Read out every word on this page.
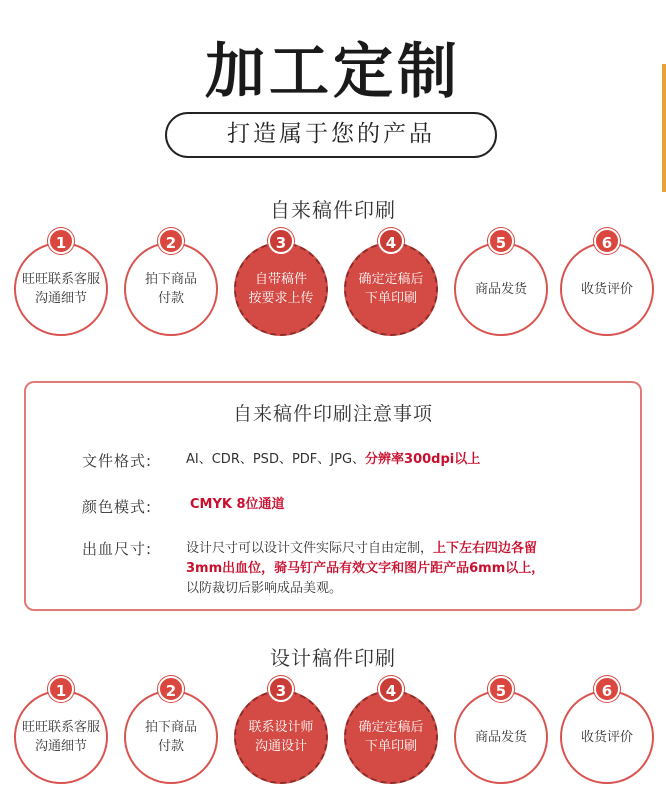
加工定制
打造属于您的产品
自来稿件印刷
旺旺联系客服
沟通细节
1
拍下商品
付款
2
自带稿件
按要求上传
3
确定定稿后
下单印刷
4
商品发货
5
收货评价
6
自来稿件印刷注意事项
文件格式:	AI、CDR、PSD、PDF、JPG、分辨率300dpi以上
颜色模式:	CMYK 8位通道
出血尺寸:	设计尺寸可以设计文件实际尺寸自由定制，上下左右四边各留
3mm出血位，骑马钉产品有效文字和图片距产品6mm以上，
以防裁切后影响成品美观。
设计稿件印刷
旺旺联系客服
沟通细节
1
拍下商品
付款
2
联系设计师
沟通设计
3
确定定稿后
下单印刷
4
商品发货
5
收货评价
6
